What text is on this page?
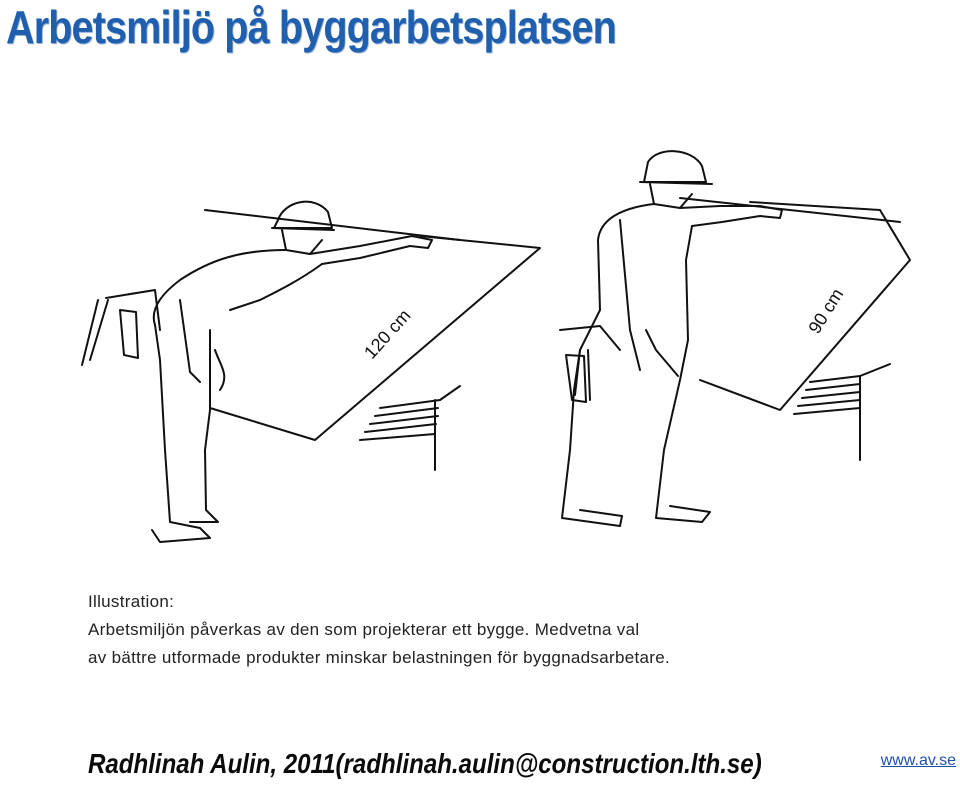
Arbetsmiljö på byggarbetsplatsen
120 cm	90 cm
Illustration:
Arbetsmiljön påverkas av den som projekterar ett bygge. Medvetna val
av bättre utformade produkter minskar belastningen för byggnadsarbetare.
Radhlinah Aulin, 2011(radhlinah.aulin@construction.lth.se)	www.av.se
